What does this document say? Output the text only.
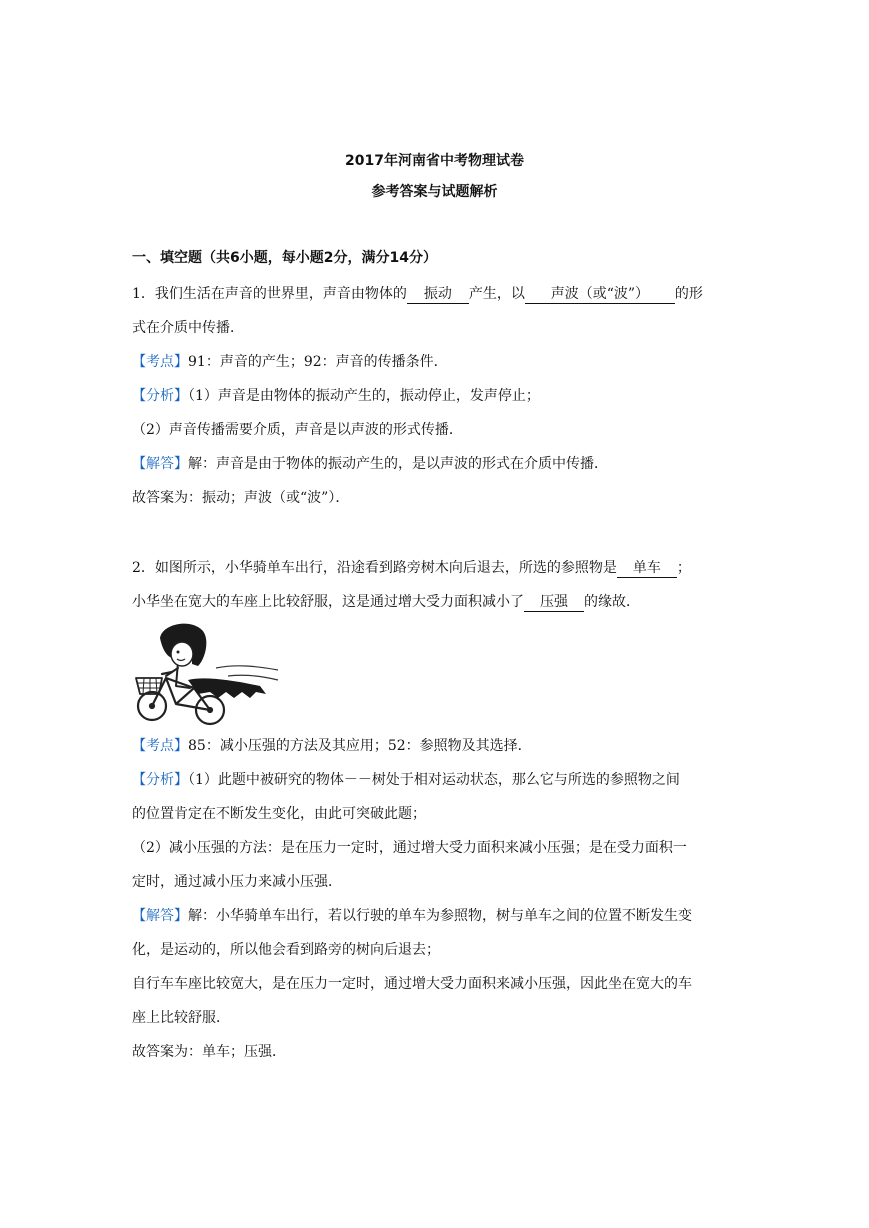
2017年河南省中考物理试卷
参考答案与试题解析
一、填空题（共6小题，每小题2分，满分14分）
1．我们生活在声音的世界里，声音由物体的 振动 产生，以 声波（或“波”） 的形
式在介质中传播．
【考点】91：声音的产生；92：声音的传播条件．
【分析】（1）声音是由物体的振动产生的，振动停止，发声停止；
（2）声音传播需要介质，声音是以声波的形式传播．
【解答】解：声音是由于物体的振动产生的，是以声波的形式在介质中传播．
故答案为：振动；声波（或“波”）．
2．如图所示，小华骑单车出行，沿途看到路旁树木向后退去，所选的参照物是 单车 ；
小华坐在宽大的车座上比较舒服，这是通过增大受力面积减小了 压强 的缘故．
【考点】85：减小压强的方法及其应用；52：参照物及其选择．
【分析】（1）此题中被研究的物体－－树处于相对运动状态，那么它与所选的参照物之间
的位置肯定在不断发生变化，由此可突破此题；
（2）减小压强的方法：是在压力一定时，通过增大受力面积来减小压强；是在受力面积一
定时，通过减小压力来减小压强．
【解答】解：小华骑单车出行，若以行驶的单车为参照物，树与单车之间的位置不断发生变
化，是运动的，所以他会看到路旁的树向后退去；
自行车车座比较宽大，是在压力一定时，通过增大受力面积来减小压强，因此坐在宽大的车
座上比较舒服．
故答案为：单车；压强．
